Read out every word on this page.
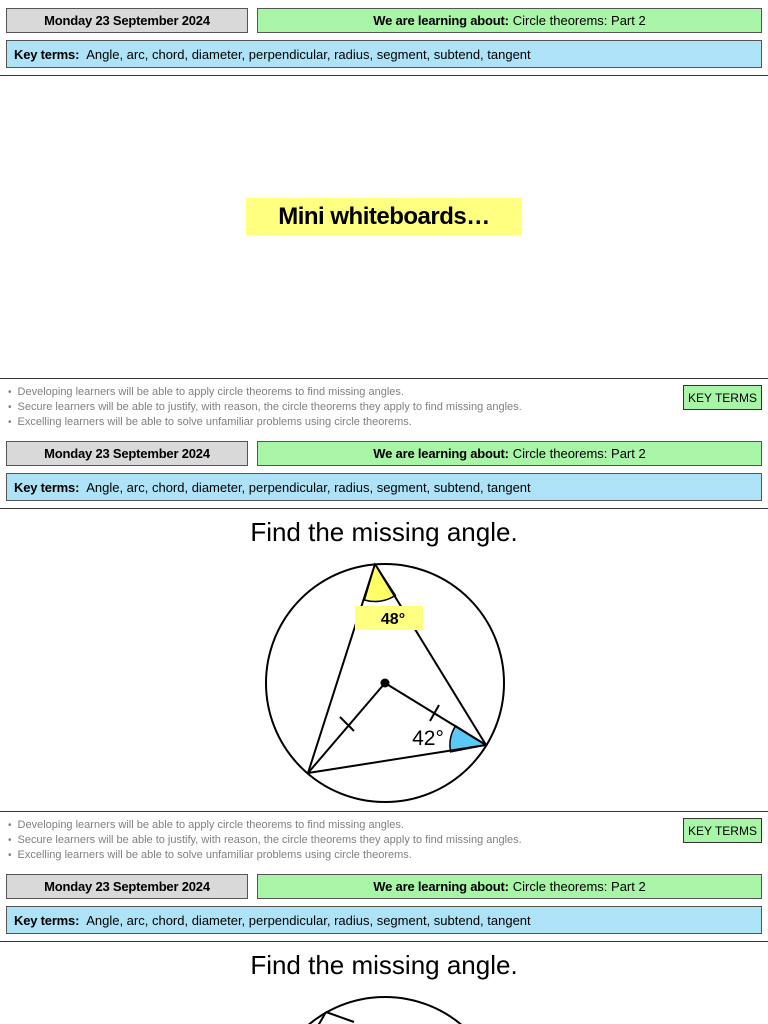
Monday 23 September 2024	We are learning about: Circle theorems: Part 2
Key terms: Angle, arc, chord, diameter, perpendicular, radius, segment, subtend, tangent
Mini whiteboards…
• Developing learners will be able to apply circle theorems to find missing angles.
• Secure learners will be able to justify, with reason, the circle theorems they apply to find missing angles.
• Excelling learners will be able to solve unfamiliar problems using circle theorems.
KEY TERMS
Monday 23 September 2024	We are learning about: Circle theorems: Part 2
Key terms: Angle, arc, chord, diameter, perpendicular, radius, segment, subtend, tangent
Find the missing angle.
48°
42°
• Developing learners will be able to apply circle theorems to find missing angles.
• Secure learners will be able to justify, with reason, the circle theorems they apply to find missing angles.
• Excelling learners will be able to solve unfamiliar problems using circle theorems.
KEY TERMS
Monday 23 September 2024	We are learning about: Circle theorems: Part 2
Key terms: Angle, arc, chord, diameter, perpendicular, radius, segment, subtend, tangent
Find the missing angle.
